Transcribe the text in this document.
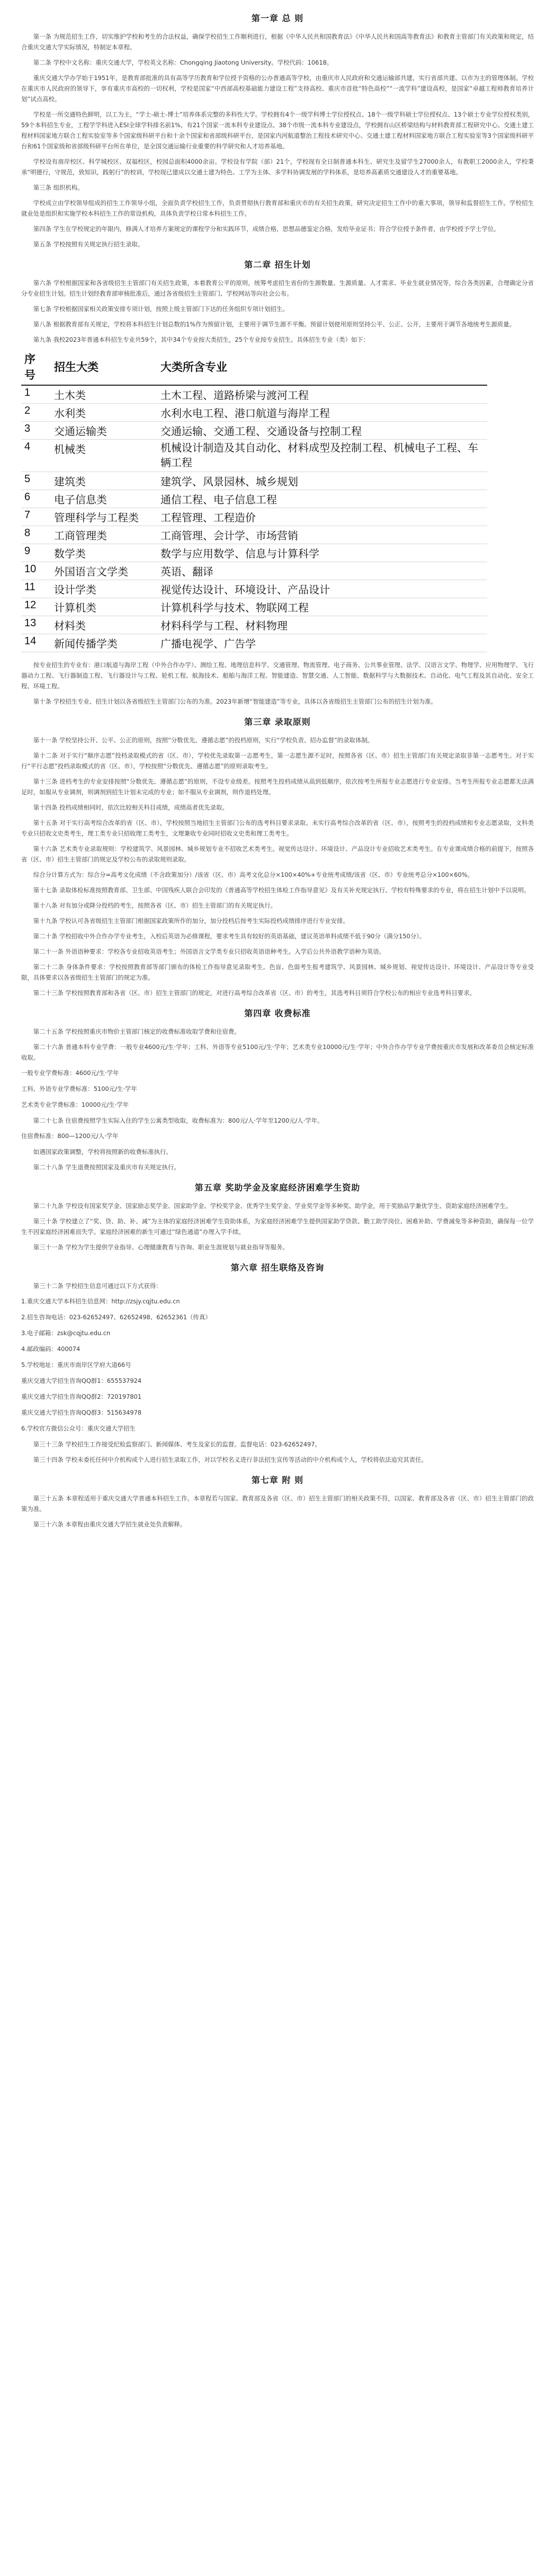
第一章 总 则

第一条 为规范招生工作，切实维护学校和考生的合法权益，确保学校招生工作顺利进行，根据《中华人民共和国教育法》《中华人民共和国高等教育法》和教育主管部门有关政策和规定，结合重庆交通大学实际情况，特制定本章程。

第二条 学校中文名称：重庆交通大学，学校英文名称：Chongqing Jiaotong University。学校代码：10618。

重庆交通大学办学始于1951年，是教育部批准的具有高等学历教育和学位授予资格的公办普通高等学校，由重庆市人民政府和交通运输部共建，实行省部共建、以市为主的管理体制。学校在重庆市人民政府的领导下，享有重庆市高校的一切权利，学校是国家“中西部高校基础能力建设工程”支持高校、重庆市首批“特色高校”“一流学科”建设高校，是国家“卓越工程师教育培养计划”试点高校。

学校是一所交通特色鲜明，以工为主，“学士-硕士-博士”培养体系完整的多科性大学。学校拥有4个一级学科博士学位授权点、18个一级学科硕士学位授权点、13个硕士专业学位授权类别，59个本科招生专业，工程学学科进入ESI全球学科排名前1%，有21个国家一流本科专业建设点、38个市级一流本科专业建设点，学校拥有山区桥梁结构与材料教育部工程研究中心、交通土建工程材料国家地方联合工程实验室等多个国家级科研平台和十余个国家和省部级科研平台，是国家内河航道整治工程技术研究中心、交通土建工程材料国家地方联合工程实验室等3个国家级科研平台和61个国家级和省部级科研平台所在单位，是全国交通运输行业重要的科学研究和人才培养基地。

学校设有南岸校区、科学城校区、双福校区，校园总面积4000余亩。学校设有学院（部）21个，学校现有全日制普通本科生、研究生及留学生27000余人，有教职工2000余人，学校秉承“明德行，守规范，致知识，践躬行”的校训，学校现已建成以交通土建为特色、工学为主体、多学科协调发展的学科体系，是培养高素质交通建设人才的重要基地。

第三条 组织机构。

学校成立由学校领导组成的招生工作领导小组，全面负责学校招生工作，负责贯彻执行教育部和重庆市的有关招生政策，研究决定招生工作中的重大事项，领导和监督招生工作。学校招生就业处是组织和实施学校本科招生工作的常设机构，具体负责学校日常本科招生工作。

第四条 学生在学校规定的年限内，修满人才培养方案规定的课程学分和实践环节，成绩合格，思想品德鉴定合格，发给毕业证书；符合学位授予条件者，由学校授予学士学位。

第五条 学校按照有关规定执行招生录取。

第二章 招生计划

第六条 学校根据国家和各省级招生主管部门有关招生政策，本着教育公平的原则，统筹考虑招生省份的生源数量、生源质量、人才需求、毕业生就业情况等，综合各类因素，合理确定分省分专业招生计划。招生计划经教育部审核批准后，通过各省级招生主管部门、学校网站等向社会公布。

第七条 学校根据国家相关政策安排专项计划，按照上级主管部门下达的任务组织专项计划招生。

第八条 根据教育部有关规定，学校将本科招生计划总数的1%作为预留计划，主要用于调节生源不平衡。预留计划使用原则坚持公平、公正、公开，主要用于调节各地统考生源质量。

第九条 我校2023年普通本科招生专业共59个，其中34个专业按大类招生，25个专业按专业招生。具体招生专业（类）如下：

序号	招生大类	大类所含专业
1	土木类	土木工程、道路桥梁与渡河工程
2	水利类	水利水电工程、港口航道与海岸工程
3	交通运输类	交通运输、交通工程、交通设备与控制工程
4	机械类	机械设计制造及其自动化、材料成型及控制工程、机械电子工程、车辆工程
5	建筑类	建筑学、风景园林、城乡规划
6	电子信息类	通信工程、电子信息工程
7	管理科学与工程类	工程管理、工程造价
8	工商管理类	工商管理、会计学、市场营销
9	数学类	数学与应用数学、信息与计算科学
10	外国语言文学类	英语、翻译
11	设计学类	视觉传达设计、环境设计、产品设计
12	计算机类	计算机科学与技术、物联网工程
13	材料类	材料科学与工程、材料物理
14	新闻传播学类	广播电视学、广告学

按专业招生的专业有：港口航道与海岸工程（中外合作办学）、测绘工程、地理信息科学、交通管理、物流管理、电子商务、公共事业管理、法学、汉语言文学、物理学、应用物理学、飞行器动力工程、飞行器制造工程、飞行器设计与工程、轮机工程、航海技术、船舶与海洋工程、智能建造、智慧交通、人工智能、数据科学与大数据技术、自动化、电气工程及其自动化、安全工程、环境工程。

第十条 学校招生专业、招生计划以各省级招生主管部门公布的为准。2023年新增“智能建造”等专业，具体以各省级招生主管部门公布的招生计划为准。

第三章 录取原则

第十一条 学校坚持公开、公平、公正的原则，按照“分数优先、遵循志愿”的投档原则，实行“学校负责、招办监督”的录取体制。

第十二条 对于实行“顺序志愿”投档录取模式的省（区、市），学校优先录取第一志愿考生，第一志愿生源不足时，按照各省（区、市）招生主管部门有关规定录取非第一志愿考生。对于实行“平行志愿”投档录取模式的省（区、市），学校按照“分数优先、遵循志愿”的原则录取考生。

第十三条 进档考生的专业安排按照“分数优先、遵循志愿”的原则，不设专业级差。按照考生投档成绩从高到低顺序，依次按考生所报专业志愿进行专业安排。当考生所报专业志愿都无法满足时，如服从专业调剂，则调剂到招生计划未完成的专业；如不服从专业调剂，则作退档处理。

第十四条 投档成绩相同时，依次比较相关科目成绩，成绩高者优先录取。

第十五条 对于实行高考综合改革的省（区、市），学校按照当地招生主管部门公布的选考科目要求录取。未实行高考综合改革的省（区、市），按照考生的投档成绩和专业志愿录取，文科类专业只招收文史类考生，理工类专业只招收理工类考生，文理兼收专业同时招收文史类和理工类考生。

第十六条 艺术类专业录取规则：学校建筑学、风景园林、城乡规划专业不招收艺术类考生。视觉传达设计、环境设计、产品设计专业招收艺术类考生。在专业课成绩合格的前提下，按照各省（区、市）招生主管部门的规定及学校公布的录取规则录取。

综合分计算方式为：综合分=高考文化成绩（不含政策加分）/该省（区、市）高考文化总分×100×40%+专业统考成绩/该省（区、市）专业统考总分×100×60%。

第十七条 录取体检标准按照教育部、卫生部、中国残疾人联合会印发的《普通高等学校招生体检工作指导意见》及有关补充规定执行。学校有特殊要求的专业，将在招生计划中予以说明。

第十八条 对有加分或降分投档的考生，按照各省（区、市）招生主管部门的有关规定执行。

第十九条 学校认可各省级招生主管部门根据国家政策所作的加分，加分投档后按考生实际投档成绩排序进行专业安排。

第二十条 学校招收中外合作办学专业考生，入校后英语为必修课程，要求考生具有较好的英语基础，建议英语单科成绩不低于90分（满分150分）。

第二十一条 外语语种要求：学校各专业招收英语考生；外国语言文学类专业只招收英语语种考生。入学后公共外语教学语种为英语。

第二十二条 身体条件要求：学校按照教育部等部门颁布的体检工作指导意见录取考生。色盲、色弱考生报考建筑学、风景园林、城乡规划、视觉传达设计、环境设计、产品设计等专业受限，具体要求以各省级招生主管部门的规定为准。

第二十三条 学校按照教育部和各省（区、市）招生主管部门的规定，对进行高考综合改革省（区、市）的考生，其选考科目须符合学校公布的相应专业选考科目要求。

第四章 收费标准

第二十五条 学校按照重庆市物价主管部门核定的收费标准收取学费和住宿费。

第二十六条 普通本科专业学费：一般专业4600元/生·学年；工科、外语等专业5100元/生·学年；艺术类专业10000元/生·学年；中外合作办学专业学费按重庆市发展和改革委员会核定标准收取。

一般专业学费标准：4600元/生·学年

工科、外语专业学费标准：5100元/生·学年

艺术类专业学费标准：10000元/生·学年

第二十七条 住宿费按照学生实际入住的学生公寓类型收取，收费标准为：800元/人·学年至1200元/人·学年。

住宿费标准：800—1200元/人·学年

如遇国家政策调整，学校将按照新的收费标准执行。

第二十八条 学生退费按照国家及重庆市有关规定执行。

第五章 奖助学金及家庭经济困难学生资助

第二十九条 学校设有国家奖学金、国家励志奖学金、国家助学金、学校奖学金、优秀学生奖学金、学业奖学金等多种奖、助学金，用于奖励品学兼优学生、资助家庭经济困难学生。

第三十条 学校建立了“奖、贷、助、补、减”为主体的家庭经济困难学生资助体系，为家庭经济困难学生提供国家助学贷款、勤工助学岗位、困难补助、学费减免等多种资助，确保每一位学生不因家庭经济困难而失学。家庭经济困难的新生可通过“绿色通道”办理入学手续。

第三十一条 学校为学生提供学业指导、心理健康教育与咨询、职业生涯规划与就业指导等服务。

第六章 招生联络及咨询

第三十二条 学校招生信息可通过以下方式获得：

1.重庆交通大学本科招生信息网：http://zsjy.cqjtu.edu.cn

2.招生咨询电话：023-62652497、62652498、62652361（传真）

3.电子邮箱：zsk@cqjtu.edu.cn

4.邮政编码：400074

5.学校地址：重庆市南岸区学府大道66号

重庆交通大学招生咨询QQ群1：655537924

重庆交通大学招生咨询QQ群2：720197801

重庆交通大学招生咨询QQ群3：515634978

6.学校官方微信公众号：重庆交通大学招生

第三十三条 学校招生工作接受纪检监察部门、新闻媒体、考生及家长的监督。监督电话：023-62652497。

第三十四条 学校未委托任何中介机构或个人进行招生录取工作，对以学校名义进行非法招生宣传等活动的中介机构或个人，学校将依法追究其责任。

第七章 附 则

第三十五条 本章程适用于重庆交通大学普通本科招生工作。本章程若与国家、教育部及各省（区、市）招生主管部门的相关政策不符，以国家、教育部及各省（区、市）招生主管部门的政策为准。

第三十六条 本章程由重庆交通大学招生就业处负责解释。
